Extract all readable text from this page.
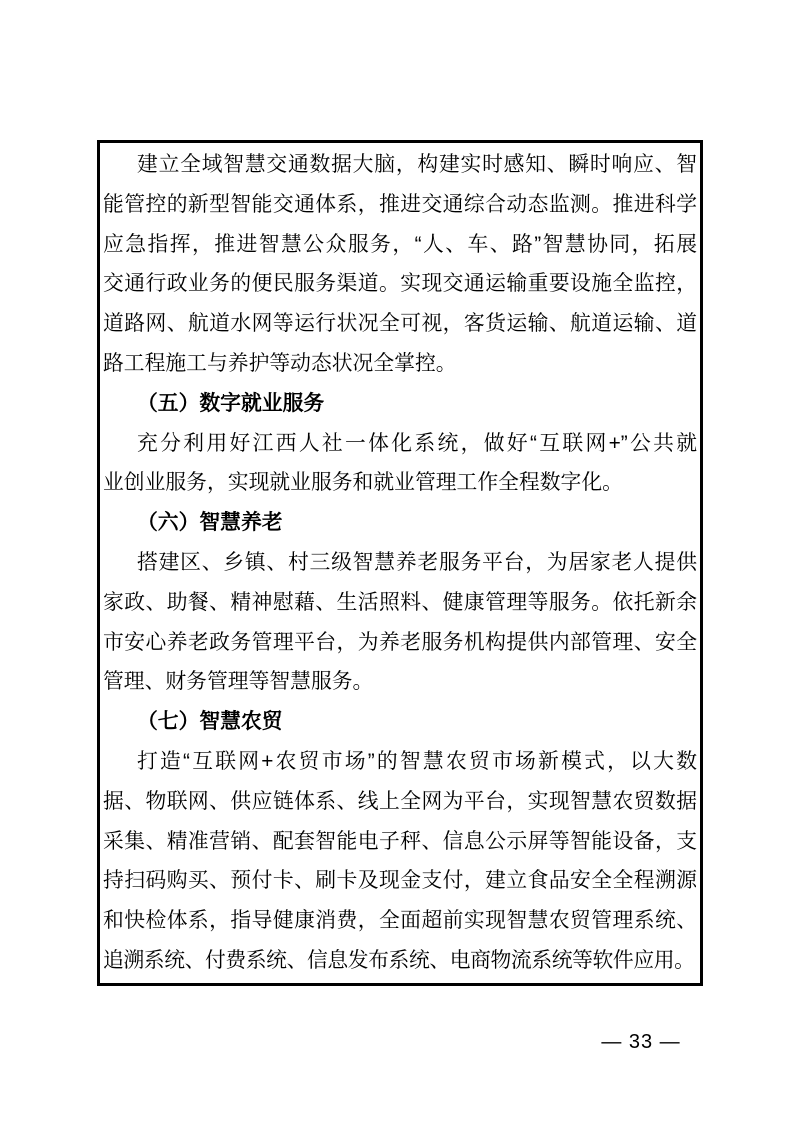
建立全域智慧交通数据大脑，构建实时感知、瞬时响应、智
能管控的新型智能交通体系，推进交通综合动态监测。推进科学
应急指挥，推进智慧公众服务，“人、车、路”智慧协同，拓展
交通行政业务的便民服务渠道。实现交通运输重要设施全监控，
道路网、航道水网等运行状况全可视，客货运输、航道运输、道
路工程施工与养护等动态状况全掌控。
（五）数字就业服务
充分利用好江西人社一体化系统，做好“互联网+”公共就
业创业服务，实现就业服务和就业管理工作全程数字化。
（六）智慧养老
搭建区、乡镇、村三级智慧养老服务平台，为居家老人提供
家政、助餐、精神慰藉、生活照料、健康管理等服务。依托新余
市安心养老政务管理平台，为养老服务机构提供内部管理、安全
管理、财务管理等智慧服务。
（七）智慧农贸
打造“互联网+农贸市场”的智慧农贸市场新模式，以大数
据、物联网、供应链体系、线上全网为平台，实现智慧农贸数据
采集、精准营销、配套智能电子秤、信息公示屏等智能设备，支
持扫码购买、预付卡、刷卡及现金支付，建立食品安全全程溯源
和快检体系，指导健康消费，全面超前实现智慧农贸管理系统、
追溯系统、付费系统、信息发布系统、电商物流系统等软件应用。
— 33 —
